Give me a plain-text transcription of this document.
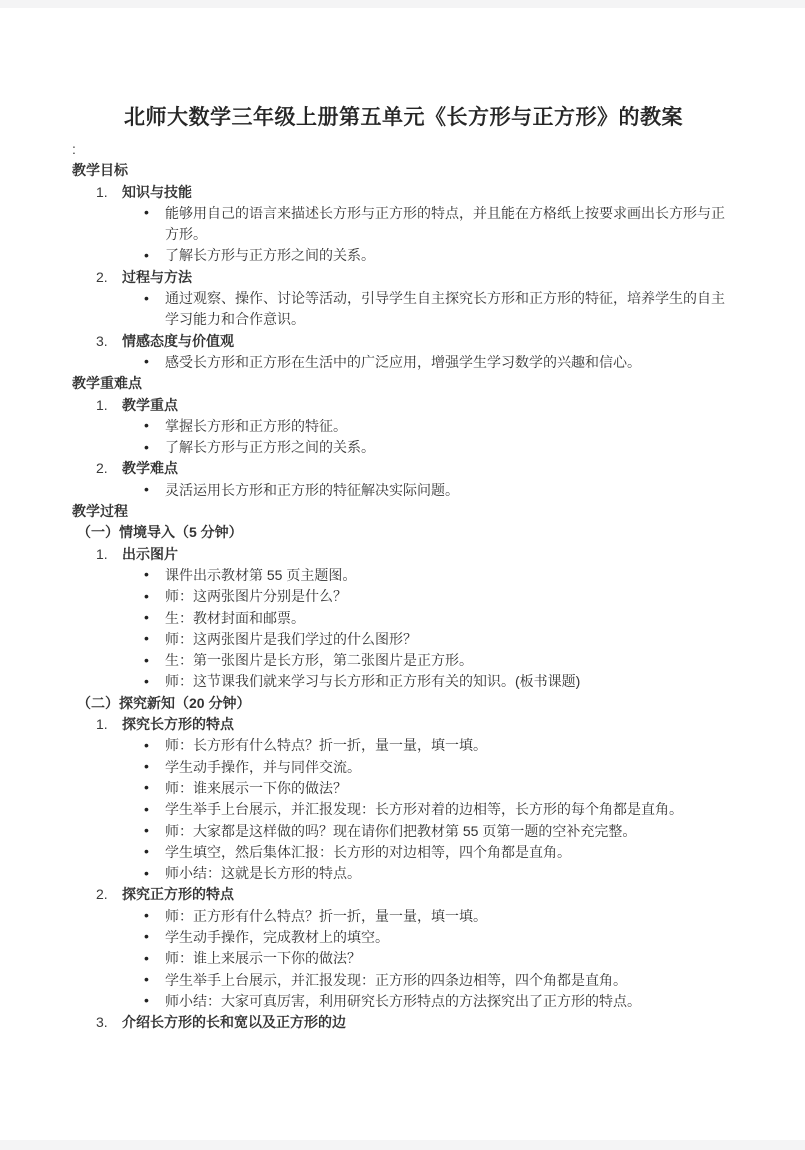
北师大数学三年级上册第五单元《长方形与正方形》的教案
:
教学目标
1. 知识与技能
• 能够用自己的语言来描述长方形与正方形的特点，并且能在方格纸上按要求画出长方形与正方形。
• 了解长方形与正方形之间的关系。
2. 过程与方法
• 通过观察、操作、讨论等活动，引导学生自主探究长方形和正方形的特征，培养学生的自主学习能力和合作意识。
3. 情感态度与价值观
• 感受长方形和正方形在生活中的广泛应用，增强学生学习数学的兴趣和信心。
教学重难点
1. 教学重点
• 掌握长方形和正方形的特征。
• 了解长方形与正方形之间的关系。
2. 教学难点
• 灵活运用长方形和正方形的特征解决实际问题。
教学过程
（一）情境导入（5 分钟）
1. 出示图片
• 课件出示教材第 55 页主题图。
• 师：这两张图片分别是什么？
• 生：教材封面和邮票。
• 师：这两张图片是我们学过的什么图形？
• 生：第一张图片是长方形，第二张图片是正方形。
• 师：这节课我们就来学习与长方形和正方形有关的知识。(板书课题)
（二）探究新知（20 分钟）
1. 探究长方形的特点
• 师：长方形有什么特点？折一折，量一量，填一填。
• 学生动手操作，并与同伴交流。
• 师：谁来展示一下你的做法？
• 学生举手上台展示，并汇报发现：长方形对着的边相等，长方形的每个角都是直角。
• 师：大家都是这样做的吗？现在请你们把教材第 55 页第一题的空补充完整。
• 学生填空，然后集体汇报：长方形的对边相等，四个角都是直角。
• 师小结：这就是长方形的特点。
2. 探究正方形的特点
• 师：正方形有什么特点？折一折，量一量，填一填。
• 学生动手操作，完成教材上的填空。
• 师：谁上来展示一下你的做法？
• 学生举手上台展示，并汇报发现：正方形的四条边相等，四个角都是直角。
• 师小结：大家可真厉害，利用研究长方形特点的方法探究出了正方形的特点。
3. 介绍长方形的长和宽以及正方形的边
